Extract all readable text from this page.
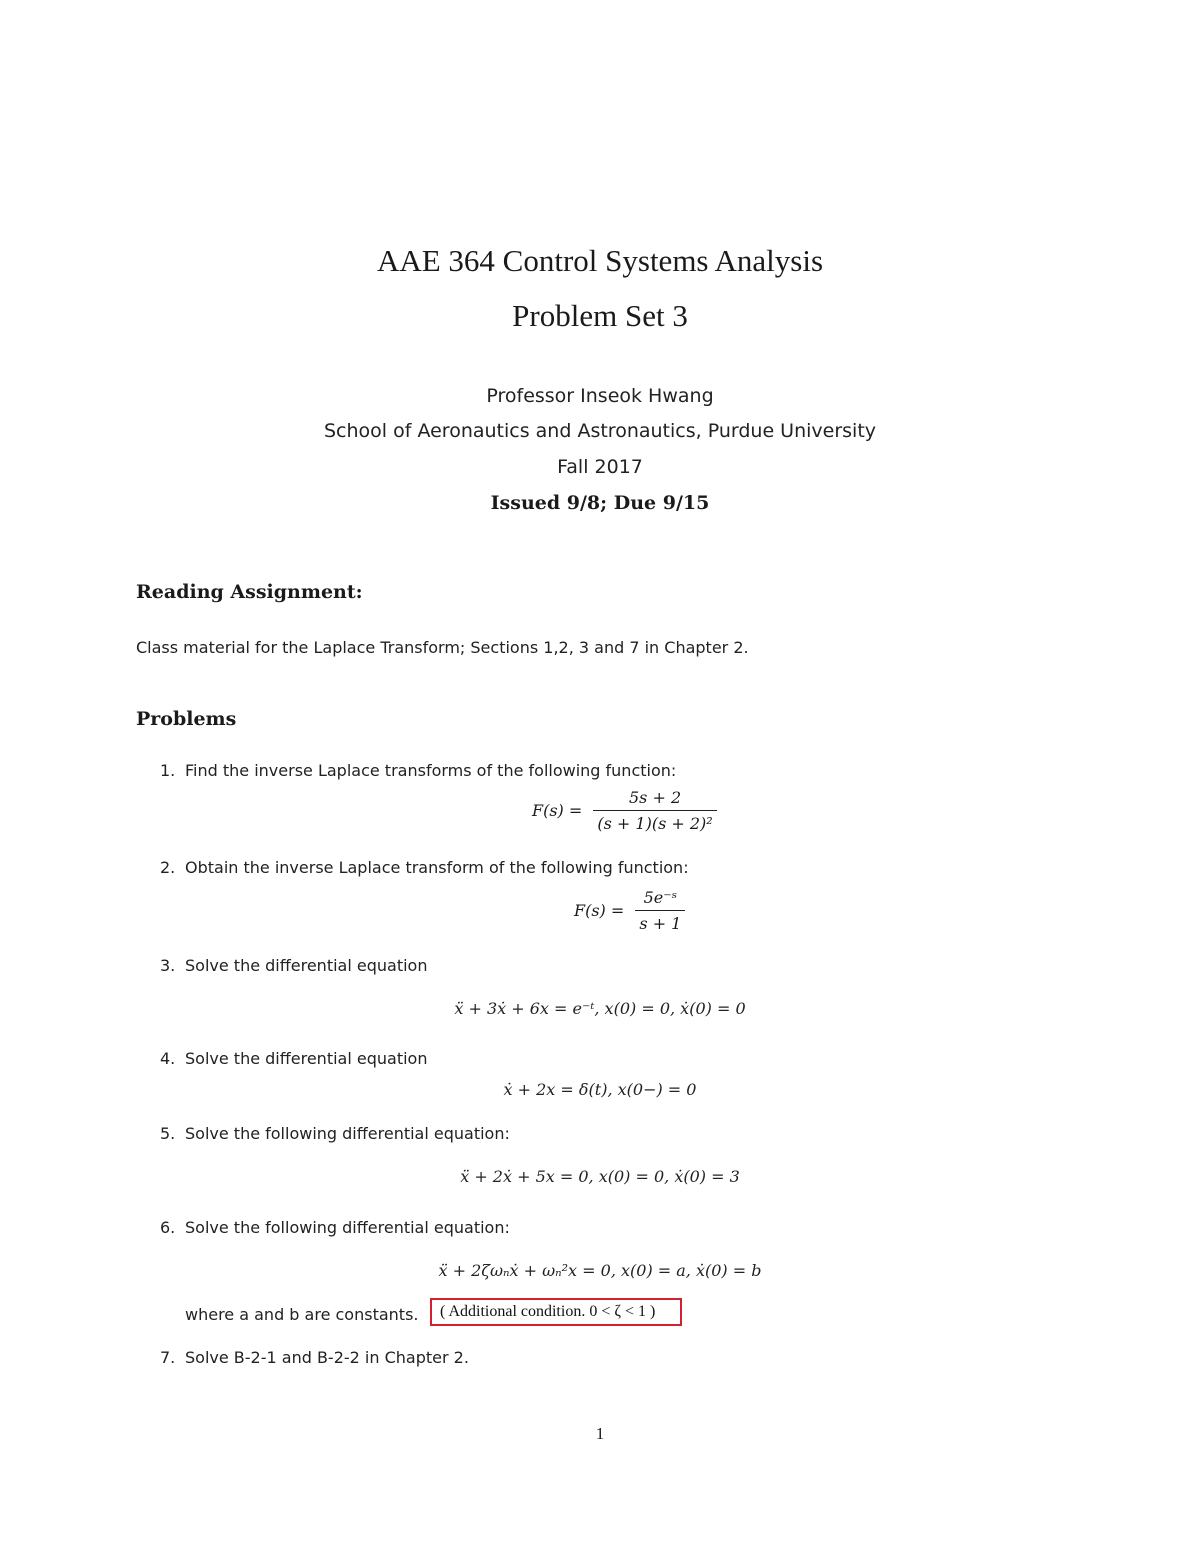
AAE 364 Control Systems Analysis
Problem Set 3
Professor Inseok Hwang
School of Aeronautics and Astronautics, Purdue University
Fall 2017
Issued 9/8; Due 9/15
Reading Assignment:
Class material for the Laplace Transform; Sections 1,2, 3 and 7 in Chapter 2.
Problems
1. Find the inverse Laplace transforms of the following function:
$F(s) = \frac{5s + 2}{\text{(s + 1)(s + 2)²}}$
2. Obtain the inverse Laplace transform of the following function:
$F(s) = \frac{\text{5e⁻ˢ}}{s + 1}$
3. Solve the differential equation
ẍ + 3ẋ + 6x = e⁻ᵗ, x(0) = 0, ẋ(0) = 0
4. Solve the differential equation
ẋ + 2x = δ(t), x(0−) = 0
5. Solve the following differential equation:
ẍ + 2ẋ + 5x = 0, x(0) = 0, ẋ(0) = 3
6. Solve the following differential equation:
ẍ + 2ζωₙẋ + ωₙ²x = 0, x(0) = a, ẋ(0) = b
where a and b are constants.	( Additional condition. 0 < ζ < 1 )
7. Solve B-2-1 and B-2-2 in Chapter 2.
1
